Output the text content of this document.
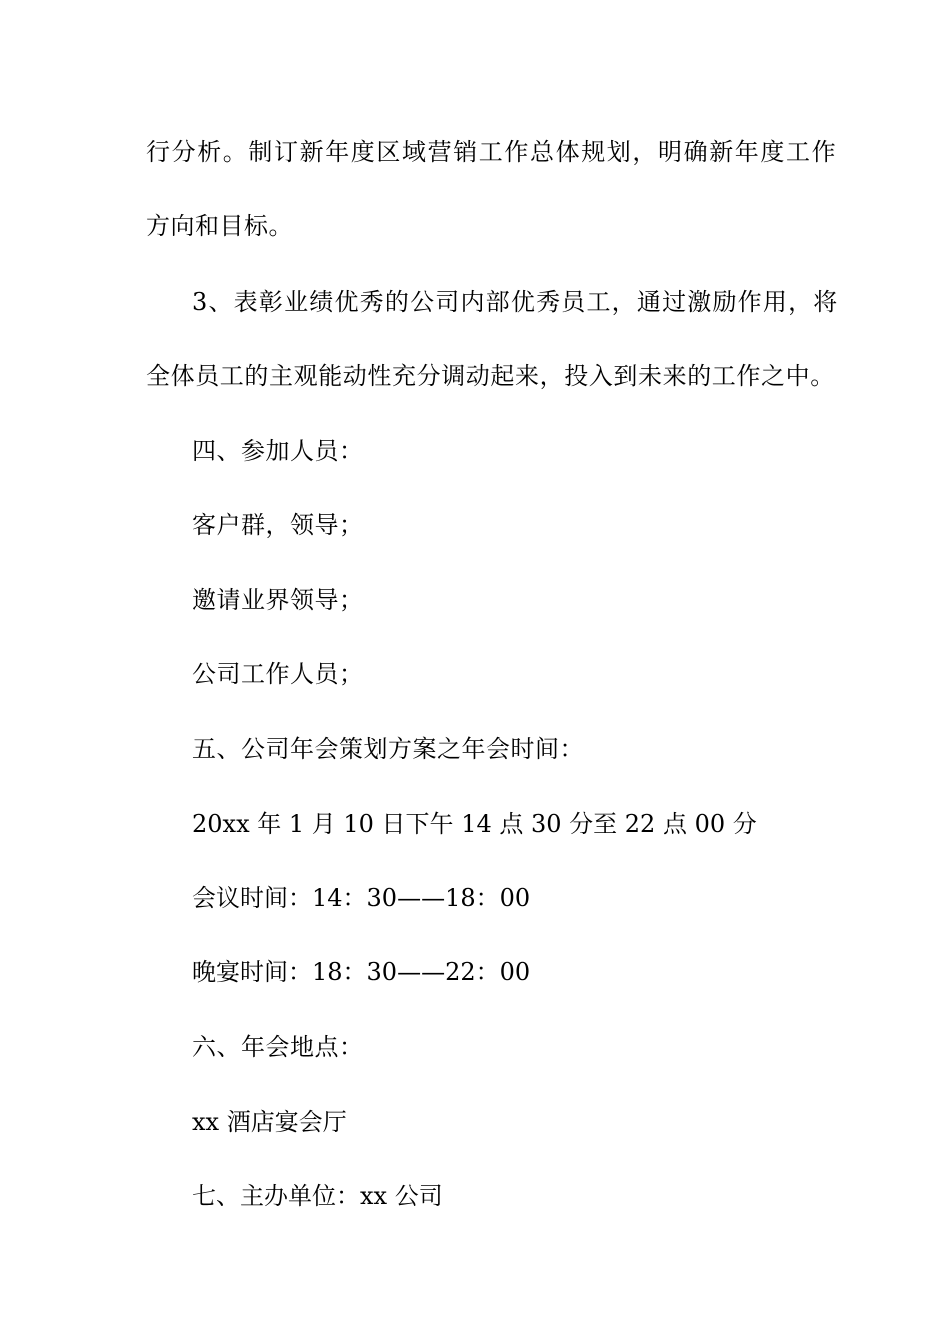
行分析。制订新年度区域营销工作总体规划，明确新年度工作
方向和目标。
3、表彰业绩优秀的公司内部优秀员工，通过激励作用，将
全体员工的主观能动性充分调动起来，投入到未来的工作之中。
四、参加人员：
客户群，领导；
邀请业界领导；
公司工作人员；
五、公司年会策划方案之年会时间：
20xx 年 1 月 10 日下午 14 点 30 分至 22 点 00 分
会议时间：14：30——18：00
晚宴时间：18：30——22：00
六、年会地点：
xx 酒店宴会厅
七、主办单位：xx 公司
